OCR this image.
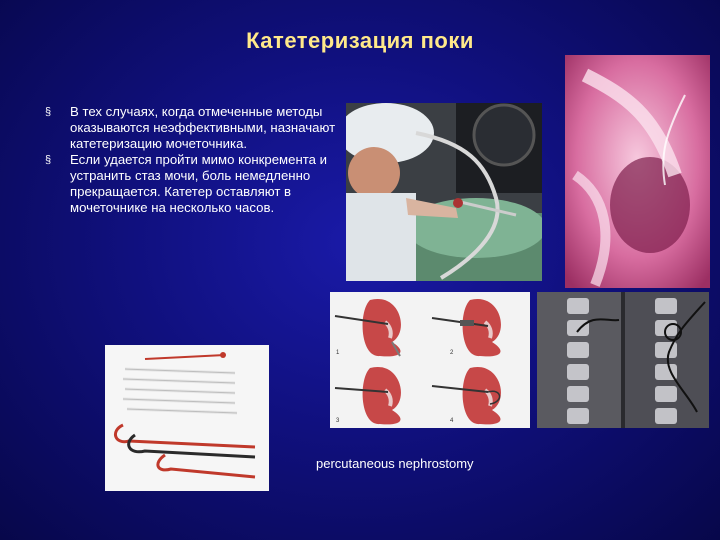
Катетеризация поки
§ В тех случаях, когда отмеченные методы оказываются неэффективными, назначают катетеризацию мочеточника.
§ Если удается пройти мимо конкремента и устранить стаз мочи, боль немедленно прекращается. Катетер оставляют в мочеточнике на несколько часов.
1	2
3	4
percutaneous nephrostomy
